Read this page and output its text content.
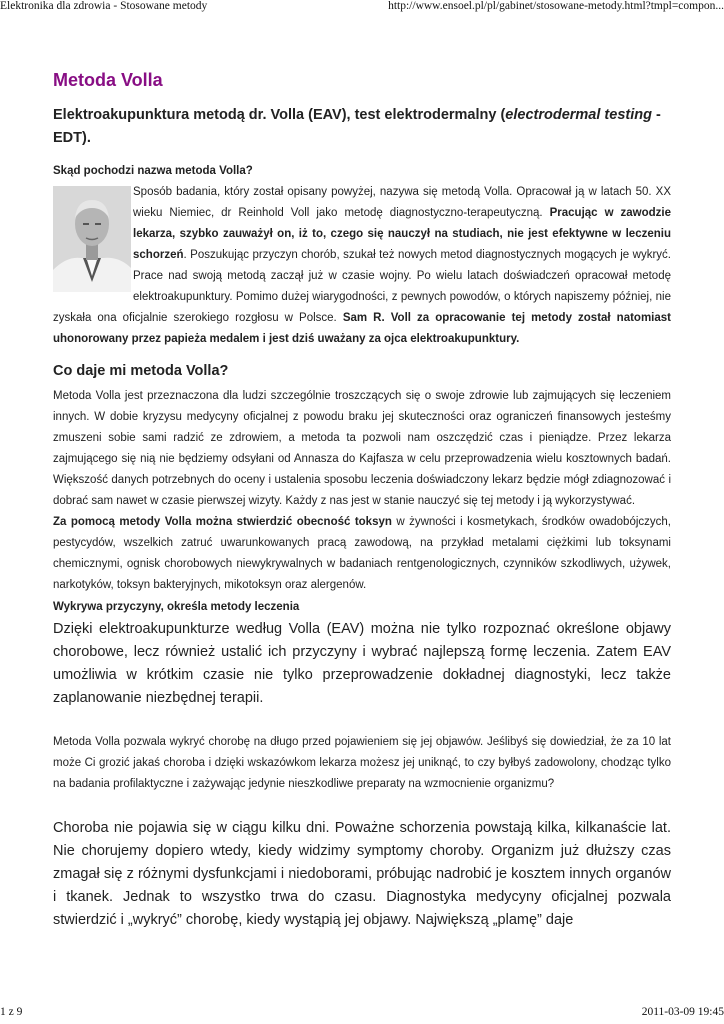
Elektronika dla zdrowia - Stosowane metody	http://www.ensoel.pl/pl/gabinet/stosowane-metody.html?tmpl=compon...
Metoda Volla
Elektroakupunktura metodą dr. Volla (EAV), test elektrodermalny (electrodermal testing - EDT).
Skąd pochodzi nazwa metoda Volla?

Sposób badania, który został opisany powyżej, nazywa się metodą Volla. Opracował ją w latach 50. XX wieku Niemiec, dr Reinhold Voll jako metodę diagnostyczno-terapeutyczną. Pracując w zawodzie lekarza, szybko zauważył on, iż to, czego się nauczył na studiach, nie jest efektywne w leczeniu schorzeń. Poszukując przyczyn chorób, szukał też nowych metod diagnostycznych mogących je wykryć. Prace nad swoją metodą zaczął już w czasie wojny. Po wielu latach doświadczeń opracował metodę elektroakupunktury. Pomimo dużej wiarygodności, z pewnych powodów, o których napiszemy później, nie zyskała ona oficjalnie szerokiego rozgłosu w Polsce. Sam R. Voll za opracowanie tej metody został natomiast uhonorowany przez papieża medalem i jest dziś uważany za ojca elektroakupunktury.

Co daje mi metoda Volla?

Metoda Volla jest przeznaczona dla ludzi szczególnie troszczących się o swoje zdrowie lub zajmujących się leczeniem innych. W dobie kryzysu medycyny oficjalnej z powodu braku jej skuteczności oraz ograniczeń finansowych jesteśmy zmuszeni sobie sami radzić ze zdrowiem, a metoda ta pozwoli nam oszczędzić czas i pieniądze. Przez lekarza zajmującego się nią nie będziemy odsyłani od Annasza do Kajfasza w celu przeprowadzenia wielu kosztownych badań. Większość danych potrzebnych do oceny i ustalenia sposobu leczenia doświadczony lekarz będzie mógł zdiagnozować i dobrać sam nawet w czasie pierwszej wizyty. Każdy z nas jest w stanie nauczyć się tej metody i ją wykorzystywać.

Za pomocą metody Volla można stwierdzić obecność toksyn w żywności i kosmetykach, środków owadobójczych, pestycydów, wszelkich zatruć uwarunkowanych pracą zawodową, na przykład metalami ciężkimi lub toksynami chemicznymi, ognisk chorobowych niewykrywalnych w badaniach rentgenologicznych, czynników szkodliwych, używek, narkotyków, toksyn bakteryjnych, mikotoksyn oraz alergenów.

Wykrywa przyczyny, określa metody leczenia

Dzięki elektroakupunkturze według Volla (EAV) można nie tylko rozpoznać określone objawy chorobowe, lecz również ustalić ich przyczyny i wybrać najlepszą formę leczenia. Zatem EAV umożliwia w krótkim czasie nie tylko przeprowadzenie dokładnej diagnostyki, lecz także zaplanowanie niezbędnej terapii.

Metoda Volla pozwala wykryć chorobę na długo przed pojawieniem się jej objawów. Jeślibyś się dowiedział, że za 10 lat może Ci grozić jakaś choroba i dzięki wskazówkom lekarza możesz jej uniknąć, to czy byłbyś zadowolony, chodząc tylko na badania profilaktyczne i zażywając jedynie nieszkodliwe preparaty na wzmocnienie organizmu?

Choroba nie pojawia się w ciągu kilku dni. Poważne schorzenia powstają kilka, kilkanaście lat. Nie chorujemy dopiero wtedy, kiedy widzimy symptomy choroby. Organizm już dłuższy czas zmagał się z różnymi dysfunkcjami i niedoborami, próbując nadrobić je kosztem innych organów i tkanek. Jednak to wszystko trwa do czasu. Diagnostyka medycyny oficjalnej pozwala stwierdzić i „wykryć” chorobę, kiedy wystąpią jej objawy. Największą „plamę” daje

1 z 9	2011-03-09 19:45
